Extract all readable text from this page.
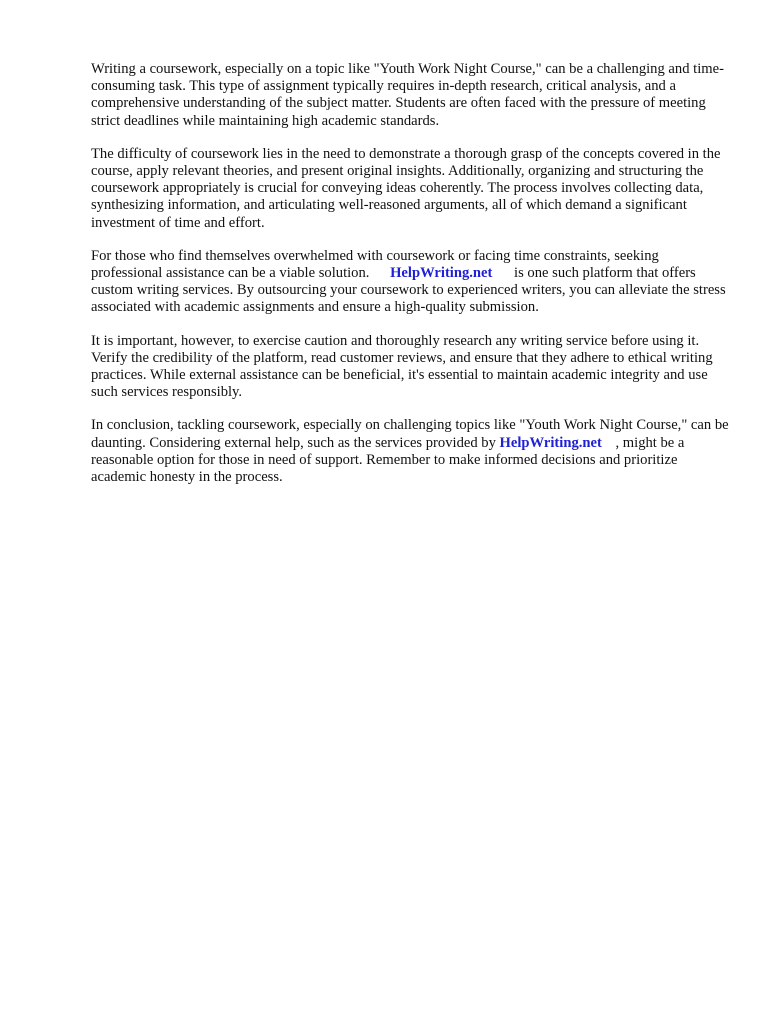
Writing a coursework, especially on a topic like "Youth Work Night Course," can be a challenging and time-consuming task. This type of assignment typically requires in-depth research, critical analysis, and a comprehensive understanding of the subject matter. Students are often faced with the pressure of meeting strict deadlines while maintaining high academic standards.

The difficulty of coursework lies in the need to demonstrate a thorough grasp of the concepts covered in the course, apply relevant theories, and present original insights. Additionally, organizing and structuring the coursework appropriately is crucial for conveying ideas coherently. The process involves collecting data, synthesizing information, and articulating well-reasoned arguments, all of which demand a significant investment of time and effort.

For those who find themselves overwhelmed with coursework or facing time constraints, seeking professional assistance can be a viable solution. HelpWriting.net is one such platform that offers custom writing services. By outsourcing your coursework to experienced writers, you can alleviate the stress associated with academic assignments and ensure a high-quality submission.

It is important, however, to exercise caution and thoroughly research any writing service before using it. Verify the credibility of the platform, read customer reviews, and ensure that they adhere to ethical writing practices. While external assistance can be beneficial, it's essential to maintain academic integrity and use such services responsibly.

In conclusion, tackling coursework, especially on challenging topics like "Youth Work Night Course," can be daunting. Considering external help, such as the services provided by HelpWriting.net , might be a reasonable option for those in need of support. Remember to make informed decisions and prioritize academic honesty in the process.
